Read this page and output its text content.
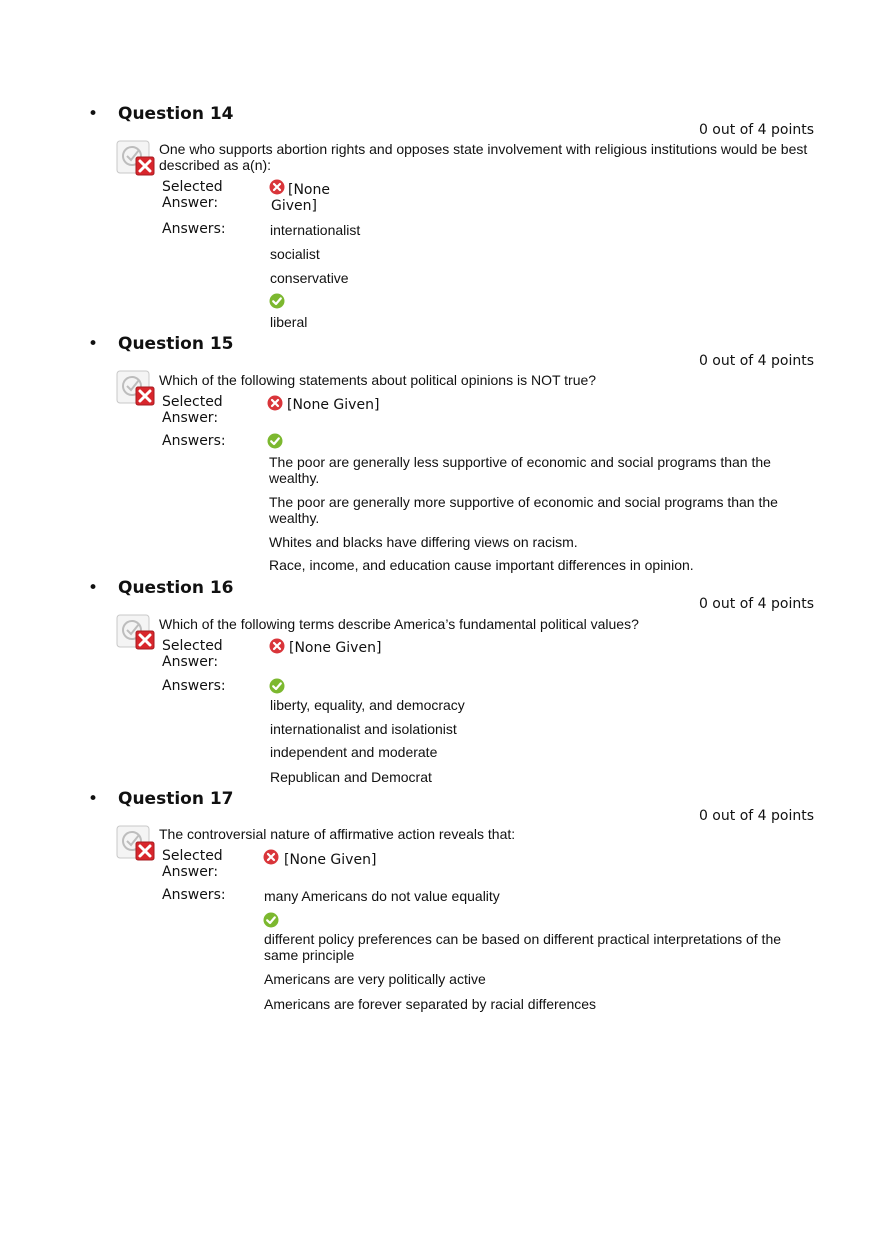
• Question 14
0 out of 4 points
One who supports abortion rights and opposes state involvement with religious institutions would be best described as a(n):
Selected Answer:
[None Given]
Answers:	internationalist
socialist
conservative
liberal
• Question 15
0 out of 4 points
Which of the following statements about political opinions is NOT true?
Selected Answer:
[None Given]
Answers:
The poor are generally less supportive of economic and social programs than the wealthy.
The poor are generally more supportive of economic and social programs than the wealthy.
Whites and blacks have differing views on racism.
Race, income, and education cause important differences in opinion.
• Question 16
0 out of 4 points
Which of the following terms describe America’s fundamental political values?
Selected Answer:
[None Given]
Answers:
liberty, equality, and democracy
internationalist and isolationist
independent and moderate
Republican and Democrat
• Question 17
0 out of 4 points
The controversial nature of affirmative action reveals that:
Selected Answer:
[None Given]
Answers:	many Americans do not value equality
different policy preferences can be based on different practical interpretations of the same principle
Americans are very politically active
Americans are forever separated by racial differences
